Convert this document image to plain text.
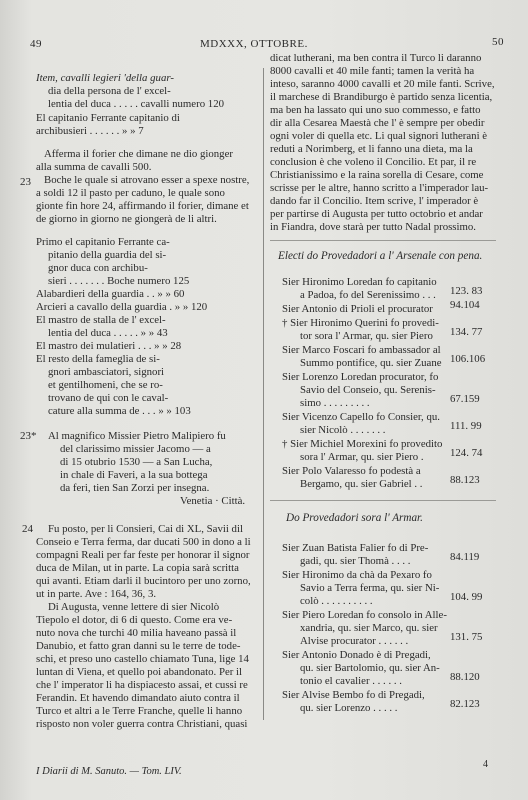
49	MDXXX, OTTOBRE.	50
Item, cavalli legieri 'della guar-
dia della persona de l' excel-
lentia del duca . . . . . cavalli numero 120
El capitanio Ferrante capitanio di
archibusieri . . . . . . » » 7
Afferma il forier che dimane ne dio gionger
alla summa de cavalli 500.
Boche le quale si atrovano esser a spexe nostre,
23
a soldi 12 il pasto per caduno, le quale sono
gionte fin hore 24, affirmando il forier, dimane et
de giorno in giorno ne giongerà de li altri.
Primo el capitanio Ferrante ca-
pitanio della guardia del si-
gnor duca con archibu-
sieri . . . . . . . Boche numero 125
Alabardieri della guardia . . » » 60
Arcieri a cavallo della guardia . » » 120
El mastro de stalla de l' excel-
lentia del duca . . . . . » » 43
El mastro dei mulatieri . . . » » 28
El resto della fameglia de si-
gnori ambasciatori, signori
et gentilhomeni, che se ro-
trovano de qui con le caval-
cature alla summa de . . . » » 103
Al magnifico Missier Pietro Malipiero fu
23*
del clarissimo missier Jacomo — a
di 15 otubrio 1530 — a San Lucha,
in chale di Faveri, a la sua bottega
da feri, tien San Zorzi per insegna.
Venetia · Città.
Fu posto, per li Consieri, Cai di XL, Savii dil
24
Conseio e Terra ferma, dar ducati 500 in dono a li
compagni Reali per far feste per honorar il signor
duca de Milan, ut in parte. La copia sarà scritta
qui avanti. Etiam darli il bucintoro per uno zorno,
ut in parte. Ave : 164, 36, 3.
Di Augusta, venne lettere di sier Nicolò
Tiepolo el dotor, di 6 di questo. Come era ve-
nuto nova che turchi 40 milia haveano passà il
Danubio, et fatto gran danni su le terre de tode-
schi, et preso uno castello chiamato Tuna, lige 14
luntan di Viena, et quello poi abandonato. Per il
che l' imperator li ha dispiacesto assai, et cussi re
Ferandin. Et havendo dimandato aiuto contra il
Turco et altri a le Terre Franche, quelle li hanno
risposto non voler guerra contra Christiani, quasi
dicat lutherani, ma ben contra il Turco li daranno
8000 cavalli et 40 mile fanti; tamen la verità ha
inteso, saranno 4000 cavalli et 20 mile fanti. Scrive,
il marchese di Brandiburgo è partido senza licentia,
ma ben ha lassato qui uno suo commesso, e fatto
dir alla Cesarea Maestà che l' è sempre per obedir
ogni voler di quella etc. Li qual signori lutherani è
reduti a Norimberg, et li fanno una dieta, ma la
conclusion è che voleno il Concilio. Et par, il re
Christianissimo e la raina sorella di Cesare, come
scrisse per le altre, hanno scritto a l'imperador lau-
dando far il Concilio. Item scrive, l' imperador è
per partirse di Augusta per tutto octobrio et andar
in Fiandra, dove starà per tutto Nadal prossimo.
Electi do Provedadori a l' Arsenale con pena.
Sier Hironimo Loredan fo capitanio
a Padoa, fo del Serenissimo . . . 123. 83
Sier Antonio di Prioli el procurator 94.104
† Sier Hironimo Querini fo provedi-
tor sora l' Armar, qu. sier Piero 134. 77
Sier Marco Foscari fo ambassador al
Summo pontifice, qu. sier Zuane 106.106
Sier Lorenzo Loredan procurator, fo
Savio del Conseio, qu. Serenis-
simo . . . . . . . . .	67.159
Sier Vicenzo Capello fo Consier, qu.
sier Nicolò . . . . . . .	111. 99
† Sier Michiel Morexini fo provedito
sora l' Armar, qu. sier Piero . 124. 74
Sier Polo Valaresso fo podestà a
Bergamo, qu. sier Gabriel . .	88.123
Do Provedadori sora l' Armar.
Sier Zuan Batista Falier fo di Pre-
gadi, qu. sier Thomà . . . .	84.119
Sier Hironimo da chà da Pexaro fo
Savio a Terra ferma, qu. sier Ni-
colò . . . . . . . . . .	104. 99
Sier Piero Loredan fo consolo in Alle-
xandria, qu. sier Marco, qu. sier
Alvise procurator . . . . . .	131. 75
Sier Antonio Donado è di Pregadi,
qu. sier Bartolomio, qu. sier An-
tonio el cavalier . . . . . .	88.120
Sier Alvise Bembo fo di Pregadi,
qu. sier Lorenzo . . . . .	82.123
I Diarii di M. Sanuto. — Tom. LIV.
4
